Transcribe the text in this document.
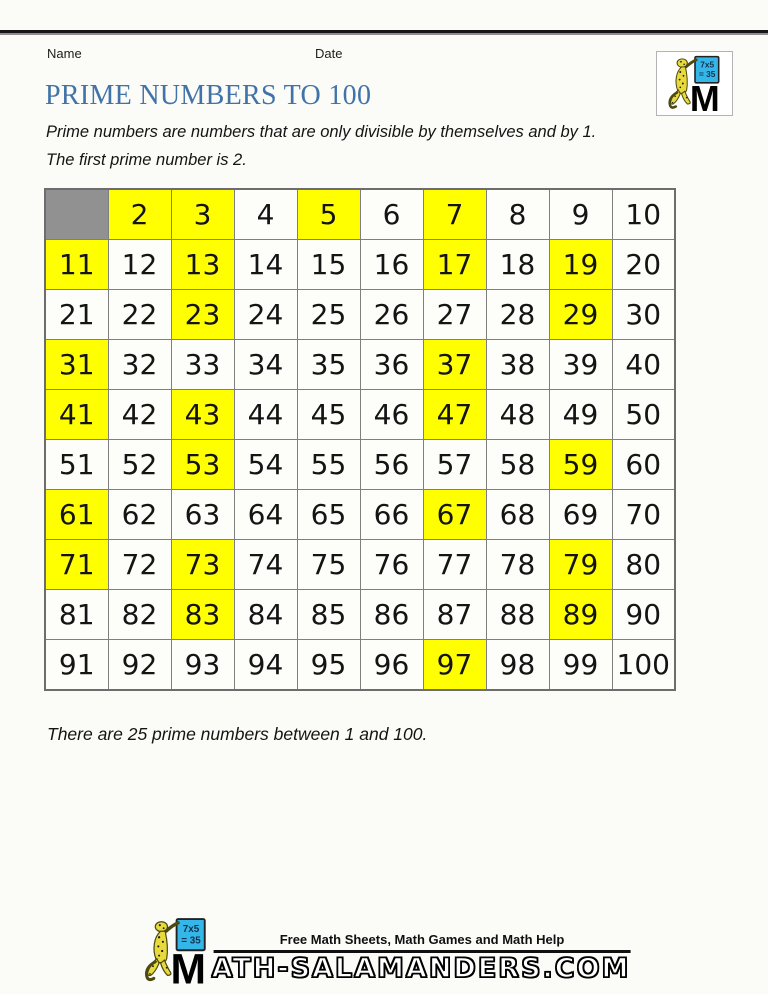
Name	Date
7x5
= 35
M
PRIME NUMBERS TO 100

Prime numbers are numbers that are only divisible by themselves and by 1.
The first prime number is 2.

	2	3	4	5	6	7	8	9	10
11	12	13	14	15	16	17	18	19	20
21	22	23	24	25	26	27	28	29	30
31	32	33	34	35	36	37	38	39	40
41	42	43	44	45	46	47	48	49	50
51	52	53	54	55	56	57	58	59	60
61	62	63	64	65	66	67	68	69	70
71	72	73	74	75	76	77	78	79	80
81	82	83	84	85	86	87	88	89	90
91	92	93	94	95	96	97	98	99	100

There are 25 prime numbers between 1 and 100.

7x5
= 35
M
Free Math Sheets, Math Games and Math Help
ATH-SALAMANDERS.COM
